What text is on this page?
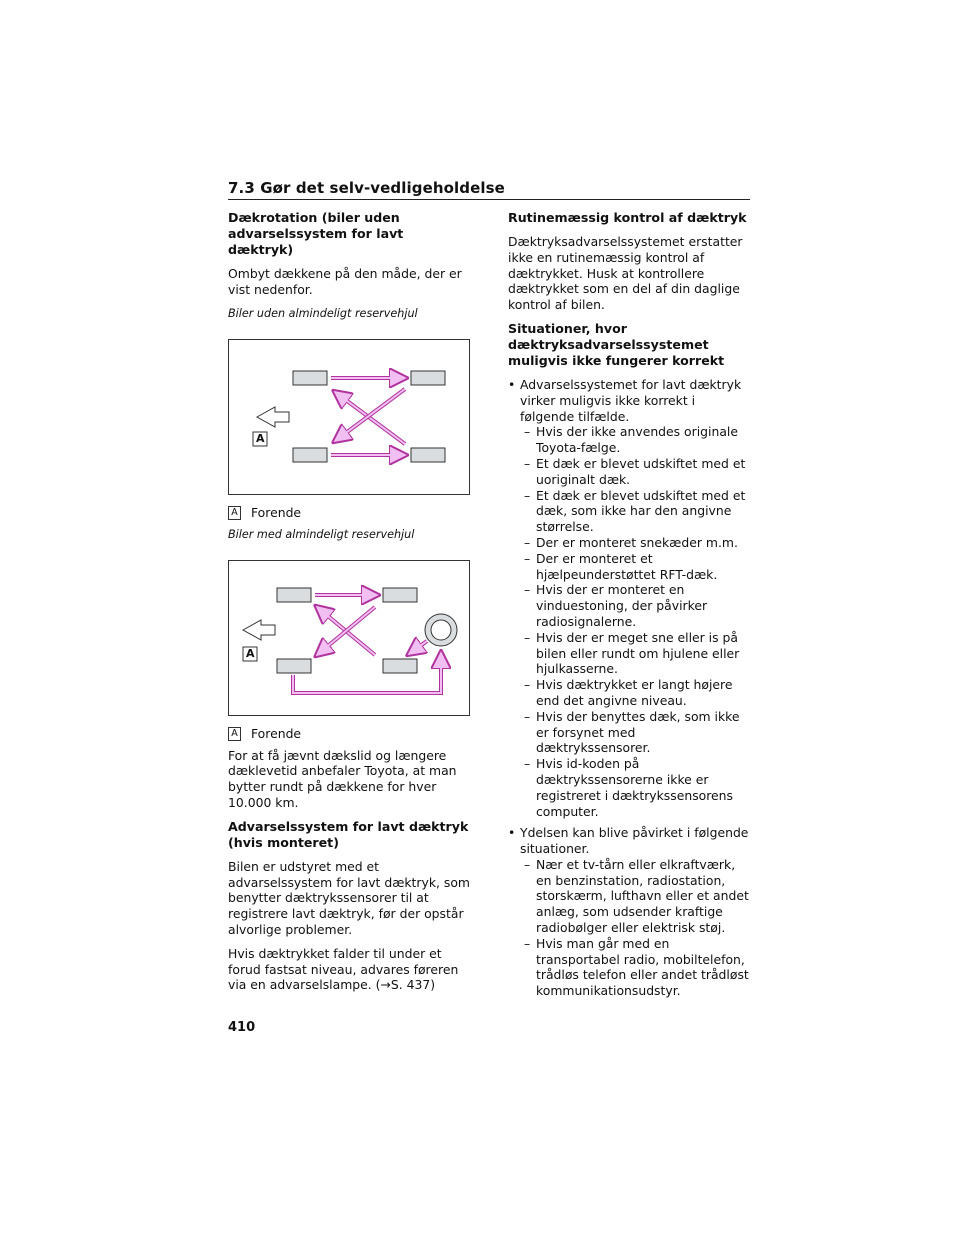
7.3 Gør det selv-vedligeholdelse

Dækrotation (biler uden advarselssystem for lavt dæktryk)

Ombyt dækkene på den måde, der er vist nedenfor.

Biler uden almindeligt reservehjul

A

A Forende

Biler med almindeligt reservehjul

A

A Forende

For at få jævnt dækslid og længere dæklevetid anbefaler Toyota, at man bytter rundt på dækkene for hver 10.000 km.

Advarselssystem for lavt dæktryk (hvis monteret)

Bilen er udstyret med et advarselssystem for lavt dæktryk, som benytter dæktrykssensorer til at registrere lavt dæktryk, før der opstår alvorlige problemer.

Hvis dæktrykket falder til under et forud fastsat niveau, advares føreren via en advarselslampe. (→S. 437)

Rutinemæssig kontrol af dæktryk

Dæktryksadvarselssystemet erstatter ikke en rutinemæssig kontrol af dæktrykket. Husk at kontrollere dæktrykket som en del af din daglige kontrol af bilen.

Situationer, hvor dæktryksadvarselssystemet muligvis ikke fungerer korrekt

• Advarselssystemet for lavt dæktryk virker muligvis ikke korrekt i følgende tilfælde.
– Hvis der ikke anvendes originale Toyota-fælge.
– Et dæk er blevet udskiftet med et uoriginalt dæk.
– Et dæk er blevet udskiftet med et dæk, som ikke har den angivne størrelse.
– Der er monteret snekæder m.m.
– Der er monteret et hjælpeunderstøttet RFT-dæk.
– Hvis der er monteret en vinduestoning, der påvirker radiosignalerne.
– Hvis der er meget sne eller is på bilen eller rundt om hjulene eller hjulkasserne.
– Hvis dæktrykket er langt højere end det angivne niveau.
– Hvis der benyttes dæk, som ikke er forsynet med dæktrykssensorer.
– Hvis id-koden på dæktrykssensorerne ikke er registreret i dæktrykssensorens computer.
• Ydelsen kan blive påvirket i følgende situationer.
– Nær et tv-tårn eller elkraftværk, en benzinstation, radiostation, storskærm, lufthavn eller et andet anlæg, som udsender kraftige radiobølger eller elektrisk støj.
– Hvis man går med en transportabel radio, mobiltelefon, trådløs telefon eller andet trådløst kommunikationsudstyr.
410
